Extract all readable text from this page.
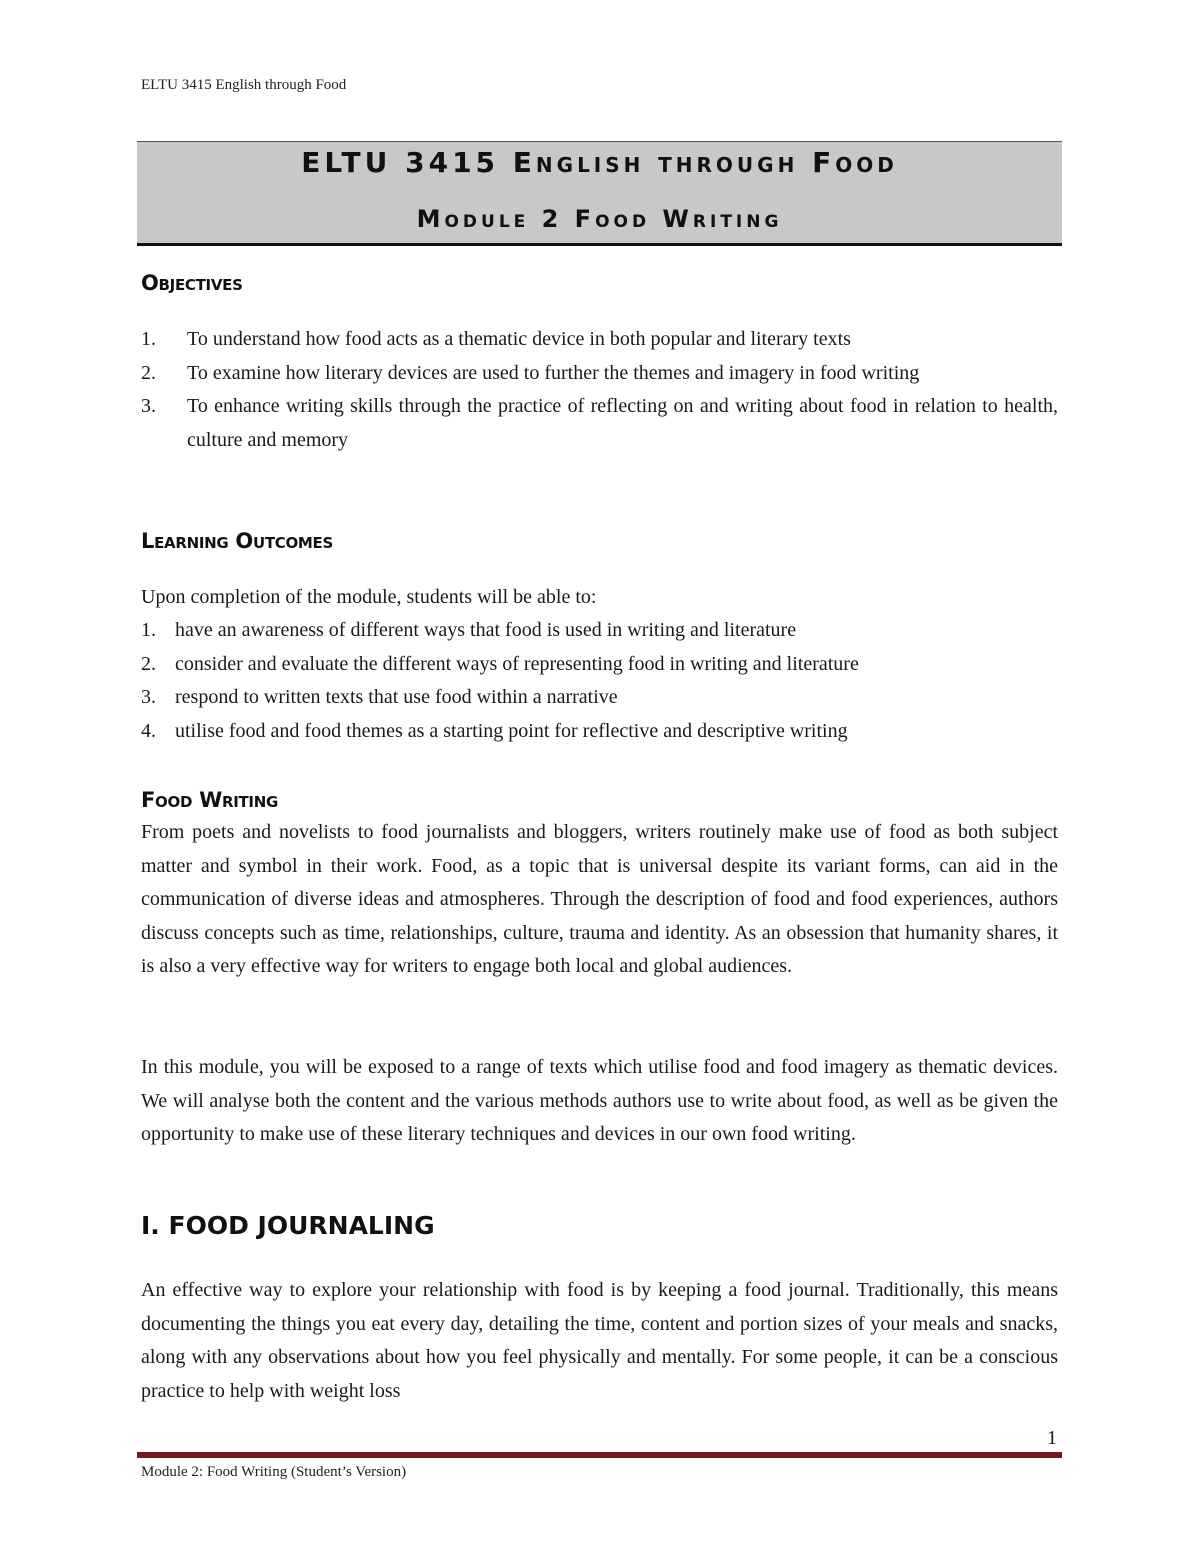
ELTU 3415 English through Food
ELTU 3415 English through Food
Module 2 Food Writing
Objectives
1. To understand how food acts as a thematic device in both popular and literary texts
2. To examine how literary devices are used to further the themes and imagery in food writing
3. To enhance writing skills through the practice of reflecting on and writing about food in relation to health, culture and memory
Learning Outcomes
Upon completion of the module, students will be able to:
1. have an awareness of different ways that food is used in writing and literature
2. consider and evaluate the different ways of representing food in writing and literature
3. respond to written texts that use food within a narrative
4. utilise food and food themes as a starting point for reflective and descriptive writing
Food Writing
From poets and novelists to food journalists and bloggers, writers routinely make use of food as both subject matter and symbol in their work. Food, as a topic that is universal despite its variant forms, can aid in the communication of diverse ideas and atmospheres. Through the description of food and food experiences, authors discuss concepts such as time, relationships, culture, trauma and identity. As an obsession that humanity shares, it is also a very effective way for writers to engage both local and global audiences.
In this module, you will be exposed to a range of texts which utilise food and food imagery as thematic devices. We will analyse both the content and the various methods authors use to write about food, as well as be given the opportunity to make use of these literary techniques and devices in our own food writing.
I. FOOD JOURNALING
An effective way to explore your relationship with food is by keeping a food journal. Traditionally, this means documenting the things you eat every day, detailing the time, content and portion sizes of your meals and snacks, along with any observations about how you feel physically and mentally. For some people, it can be a conscious practice to help with weight loss
1
Module 2: Food Writing (Student’s Version)
